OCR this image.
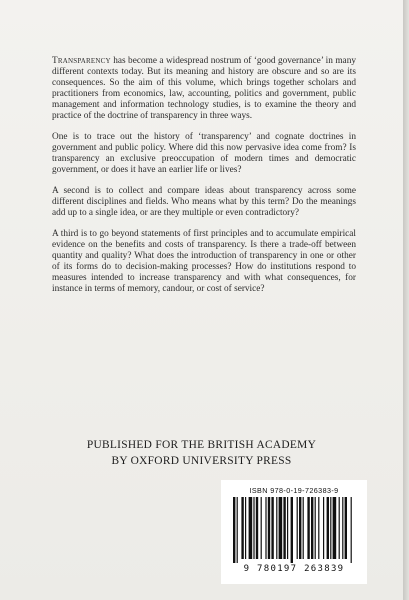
Transparency has become a widespread nostrum of ‘good governance’ in many different contexts today. But its meaning and history are obscure and so are its consequences. So the aim of this volume, which brings together scholars and practitioners from economics, law, accounting, politics and government, public management and information technology studies, is to examine the theory and practice of the doctrine of transparency in three ways.

One is to trace out the history of ‘transparency’ and cognate doctrines in government and public policy. Where did this now pervasive idea come from? Is transparency an exclusive preoccupation of modern times and democratic government, or does it have an earlier life or lives?

A second is to collect and compare ideas about transparency across some different disciplines and fields. Who means what by this term? Do the meanings add up to a single idea, or are they multiple or even contradictory?

A third is to go beyond statements of first principles and to accumulate empirical evidence on the benefits and costs of transparency. Is there a trade-off between quantity and quality? What does the introduction of transparency in one or other of its forms do to decision-making processes? How do institutions respond to measures intended to increase transparency and with what consequences, for instance in terms of memory, candour, or cost of service?

PUBLISHED FOR THE BRITISH ACADEMY
BY OXFORD UNIVERSITY PRESS
ISBN 978-0-19-726383-9
9 780197 263839
